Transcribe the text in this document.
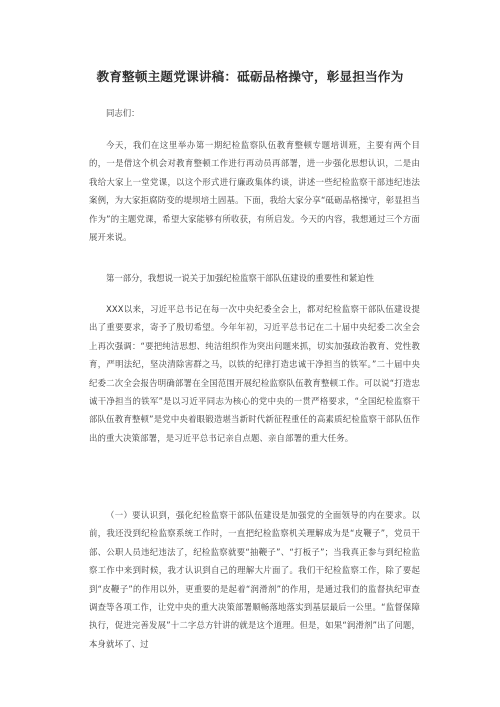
教育整顿主题党课讲稿：砥砺品格操守，彰显担当作为
同志们：
今天，我们在这里举办第一期纪检监察队伍教育整顿专题培训班，主要有两个目的，一是借这个机会对教育整顿工作进行再动员再部署，进一步强化思想认识，二是由我给大家上一堂党课，以这个形式进行廉政集体约谈，讲述一些纪检监察干部违纪违法案例，为大家拒腐防变的堤坝培土固基。下面，我给大家分享“砥砺品格操守，彰显担当作为”的主题党课，希望大家能够有所收获，有所启发。今天的内容，我想通过三个方面展开来说。
第一部分，我想说一说关于加强纪检监察干部队伍建设的重要性和紧迫性
XXX以来，习近平总书记在每一次中央纪委全会上，都对纪检监察干部队伍建设提出了重要要求，寄予了殷切希望。今年年初，习近平总书记在二十届中央纪委二次全会上再次强调：“要把纯洁思想、纯洁组织作为突出问题来抓，切实加强政治教育、党性教育，严明法纪，坚决清除害群之马，以铁的纪律打造忠诚干净担当的铁军。”二十届中央纪委二次全会报告明确部署在全国范围开展纪检监察队伍教育整顿工作。可以说“打造忠诚干净担当的铁军”是以习近平同志为核心的党中央的一贯严格要求，“全国纪检监察干部队伍教育整顿”是党中央着眼锻造堪当新时代新征程重任的高素质纪检监察干部队伍作出的重大决策部署，是习近平总书记亲自点题、亲自部署的重大任务。
（一）要认识到，强化纪检监察干部队伍建设是加强党的全面领导的内在要求。以前，我还没到纪检监察系统工作时，一直把纪检监察机关理解成为是“皮鞭子”，党员干部、公职人员违纪违法了，纪检监察就要“抽鞭子”、“打板子”；当我真正参与到纪检监察工作中来到时候，我才认识到自己的理解大片面了。我们干纪检监察工作，除了要起到“皮鞭子”的作用以外，更重要的是起着“润滑剂”的作用，是通过我们的监督执纪审查调查等各项工作，让党中央的重大决策部署顺畅落地落实到基层最后一公里。“监督保障执行，促进完善发展”十二字总方针讲的就是这个道理。但是，如果“润滑剂”出了问题，本身就坏了、过
